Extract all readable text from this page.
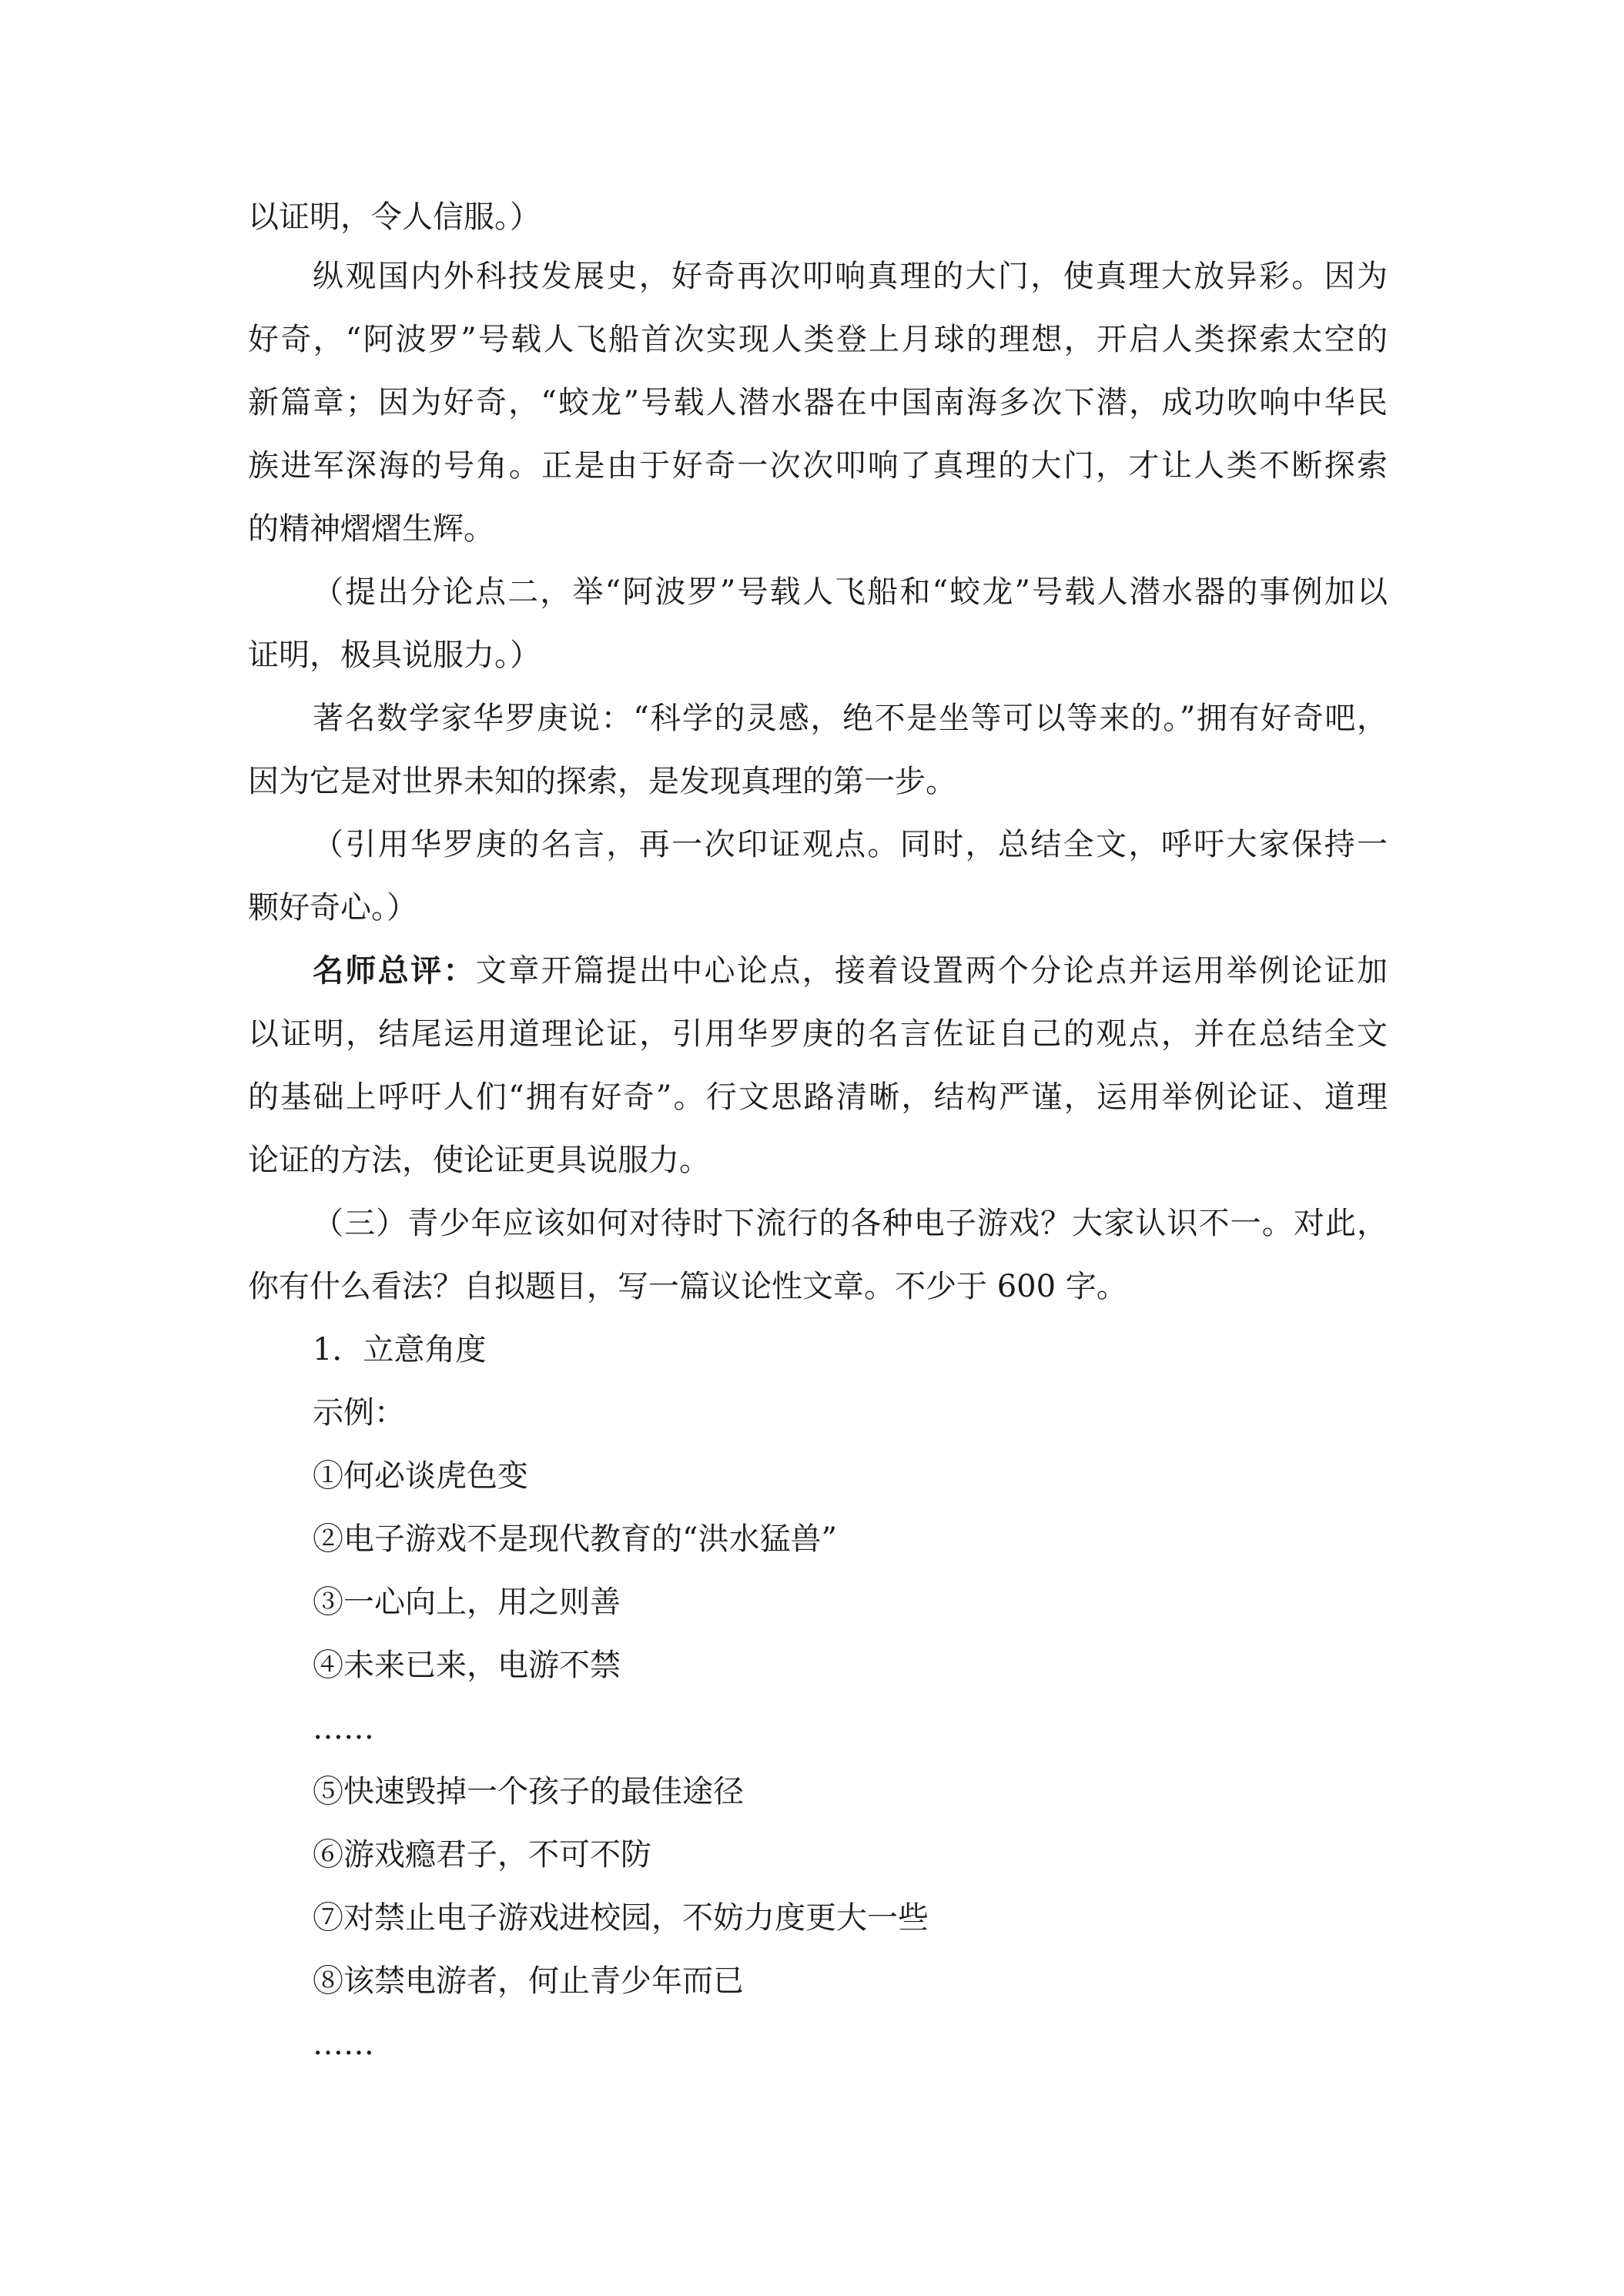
以证明，令人信服。）
纵观国内外科技发展史，好奇再次叩响真理的大门，使真理大放异彩。因为
好奇，“阿波罗”号载人飞船首次实现人类登上月球的理想，开启人类探索太空的
新篇章；因为好奇，“蛟龙”号载人潜水器在中国南海多次下潜，成功吹响中华民
族进军深海的号角。正是由于好奇一次次叩响了真理的大门，才让人类不断探索
的精神熠熠生辉。
（提出分论点二，举“阿波罗”号载人飞船和“蛟龙”号载人潜水器的事例加以
证明，极具说服力。）
著名数学家华罗庚说：“科学的灵感，绝不是坐等可以等来的。”拥有好奇吧，
因为它是对世界未知的探索，是发现真理的第一步。
（引用华罗庚的名言，再一次印证观点。同时，总结全文，呼吁大家保持一
颗好奇心。）
名师总评：文章开篇提出中心论点，接着设置两个分论点并运用举例论证加
以证明，结尾运用道理论证，引用华罗庚的名言佐证自己的观点，并在总结全文
的基础上呼吁人们“拥有好奇”。行文思路清晰，结构严谨，运用举例论证、道理
论证的方法，使论证更具说服力。
（三）青少年应该如何对待时下流行的各种电子游戏？大家认识不一。对此，
你有什么看法？自拟题目，写一篇议论性文章。不少于 600 字。
1．立意角度
示例：
①何必谈虎色变
②电子游戏不是现代教育的“洪水猛兽”
③一心向上，用之则善
④未来已来，电游不禁
……
⑤快速毁掉一个孩子的最佳途径
⑥游戏瘾君子，不可不防
⑦对禁止电子游戏进校园，不妨力度更大一些
⑧该禁电游者，何止青少年而已
……
